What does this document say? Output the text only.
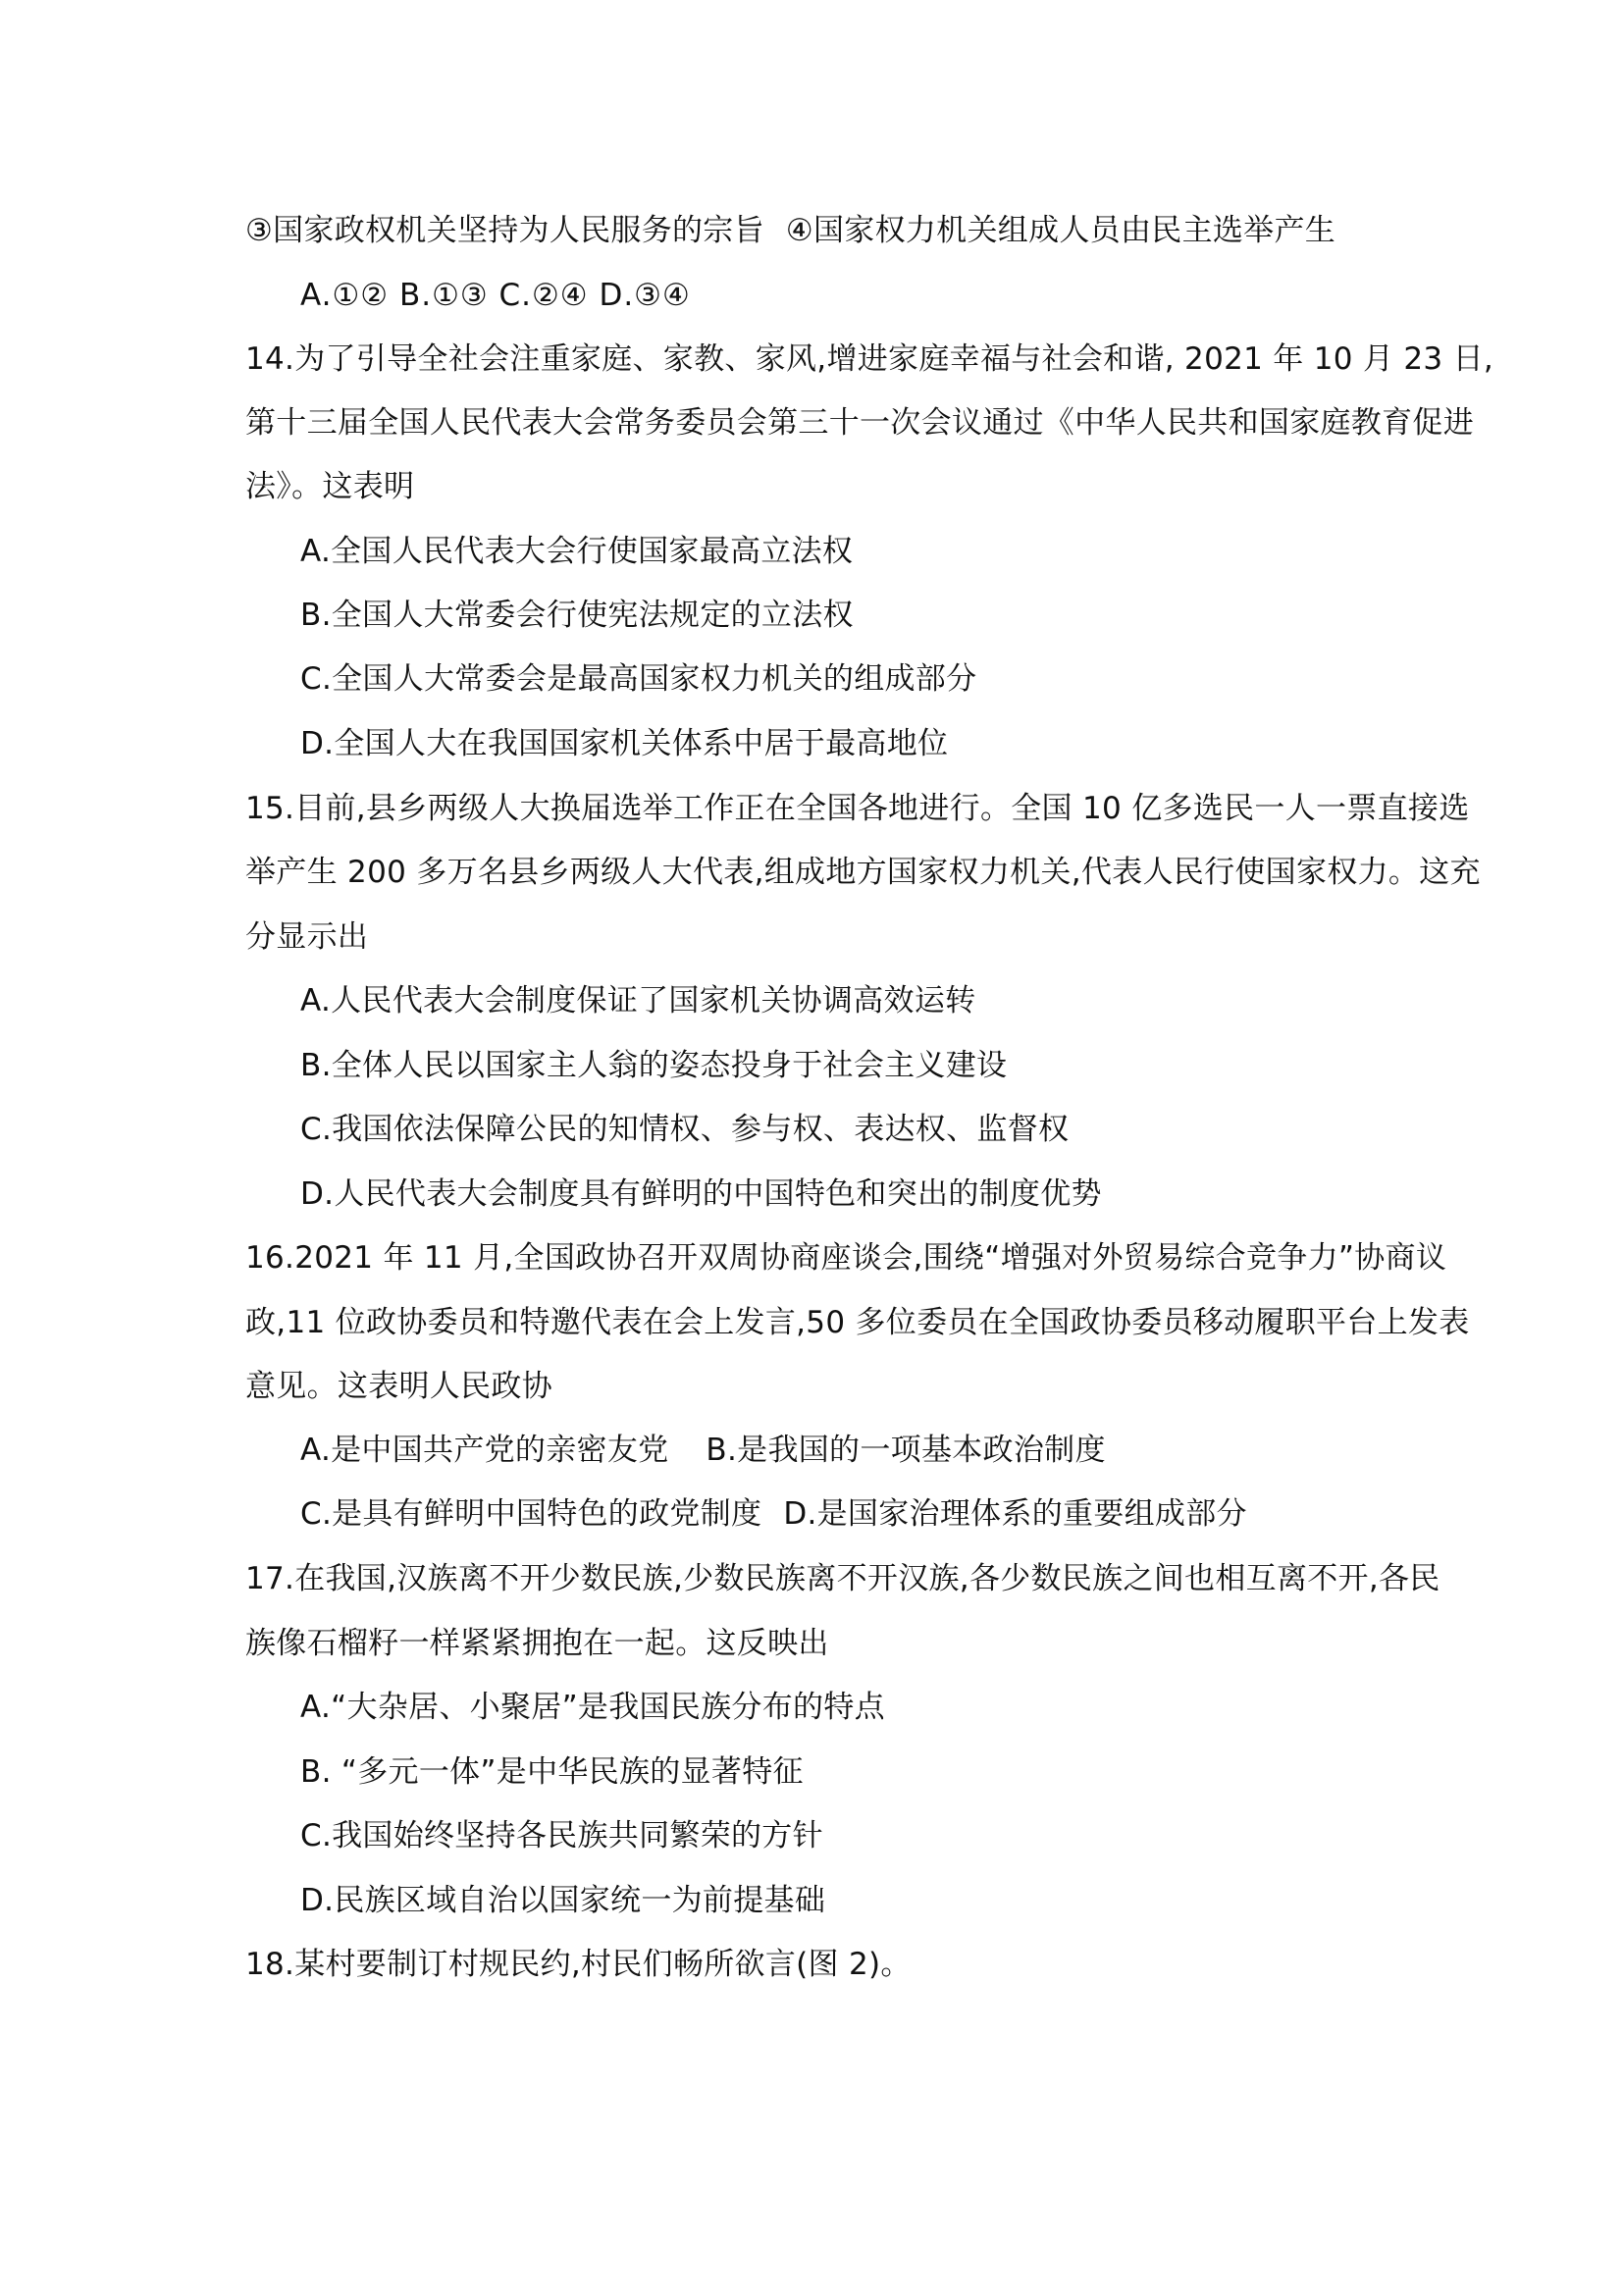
③国家政权机关坚持为人民服务的宗旨 ④国家权力机关组成人员由民主选举产生
A.①② B.①③ C.②④ D.③④
14.为了引导全社会注重家庭、家教、家风,增进家庭幸福与社会和谐, 2021 年 10 月 23 日,
第十三届全国人民代表大会常务委员会第三十一次会议通过《中华人民共和国家庭教育促进
法》。这表明
A.全国人民代表大会行使国家最高立法权
B.全国人大常委会行使宪法规定的立法权
C.全国人大常委会是最高国家权力机关的组成部分
D.全国人大在我国国家机关体系中居于最高地位
15.目前,县乡两级人大换届选举工作正在全国各地进行。全国 10 亿多选民一人一票直接选
举产生 200 多万名县乡两级人大代表,组成地方国家权力机关,代表人民行使国家权力。这充
分显示出
A.人民代表大会制度保证了国家机关协调高效运转
B.全体人民以国家主人翁的姿态投身于社会主义建设
C.我国依法保障公民的知情权、参与权、表达权、监督权
D.人民代表大会制度具有鲜明的中国特色和突出的制度优势
16.2021 年 11 月,全国政协召开双周协商座谈会,围绕“增强对外贸易综合竞争力”协商议
政,11 位政协委员和特邀代表在会上发言,50 多位委员在全国政协委员移动履职平台上发表
意见。这表明人民政协
A.是中国共产党的亲密友党 B.是我国的一项基本政治制度
C.是具有鲜明中国特色的政党制度 D.是国家治理体系的重要组成部分
17.在我国,汉族离不开少数民族,少数民族离不开汉族,各少数民族之间也相互离不开,各民
族像石榴籽一样紧紧拥抱在一起。这反映出
A.“大杂居、小聚居”是我国民族分布的特点
B. “多元一体”是中华民族的显著特征
C.我国始终坚持各民族共同繁荣的方针
D.民族区域自治以国家统一为前提基础
18.某村要制订村规民约,村民们畅所欲言(图 2)。
